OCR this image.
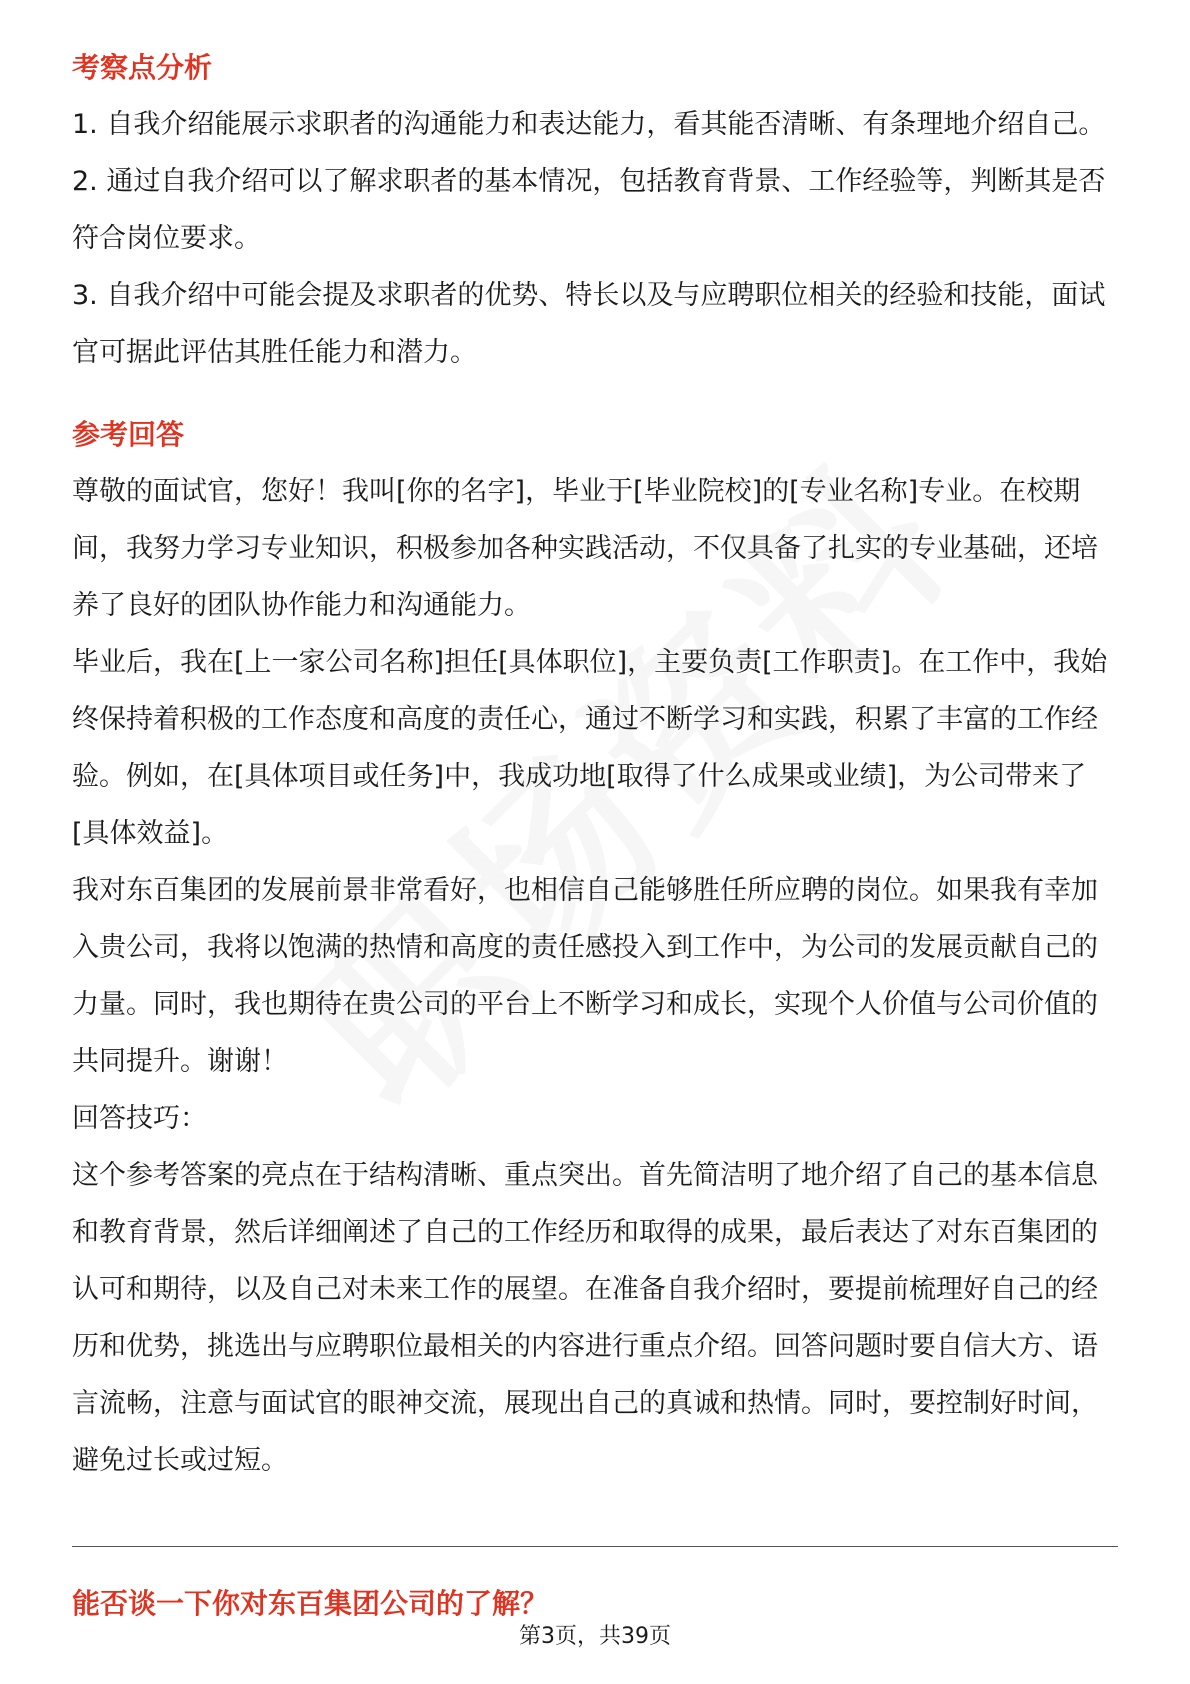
考察点分析

1. 自我介绍能展示求职者的沟通能力和表达能力，看其能否清晰、有条理地介绍自己。

2. 通过自我介绍可以了解求职者的基本情况，包括教育背景、工作经验等，判断其是否符合岗位要求。

3. 自我介绍中可能会提及求职者的优势、特长以及与应聘职位相关的经验和技能，面试官可据此评估其胜任能力和潜力。

参考回答

尊敬的面试官，您好！我叫[你的名字]，毕业于[毕业院校]的[专业名称]专业。在校期间，我努力学习专业知识，积极参加各种实践活动，不仅具备了扎实的专业基础，还培养了良好的团队协作能力和沟通能力。

毕业后，我在[上一家公司名称]担任[具体职位]，主要负责[工作职责]。在工作中，我始终保持着积极的工作态度和高度的责任心，通过不断学习和实践，积累了丰富的工作经验。例如，在[具体项目或任务]中，我成功地[取得了什么成果或业绩]，为公司带来了[具体效益]。

我对东百集团的发展前景非常看好，也相信自己能够胜任所应聘的岗位。如果我有幸加入贵公司，我将以饱满的热情和高度的责任感投入到工作中，为公司的发展贡献自己的力量。同时，我也期待在贵公司的平台上不断学习和成长，实现个人价值与公司价值的共同提升。谢谢！

回答技巧：

这个参考答案的亮点在于结构清晰、重点突出。首先简洁明了地介绍了自己的基本信息和教育背景，然后详细阐述了自己的工作经历和取得的成果，最后表达了对东百集团的认可和期待，以及自己对未来工作的展望。在准备自我介绍时，要提前梳理好自己的经历和优势，挑选出与应聘职位最相关的内容进行重点介绍。回答问题时要自信大方、语言流畅，注意与面试官的眼神交流，展现出自己的真诚和热情。同时，要控制好时间，避免过长或过短。

能否谈一下你对东百集团公司的了解？
第3页，共39页
